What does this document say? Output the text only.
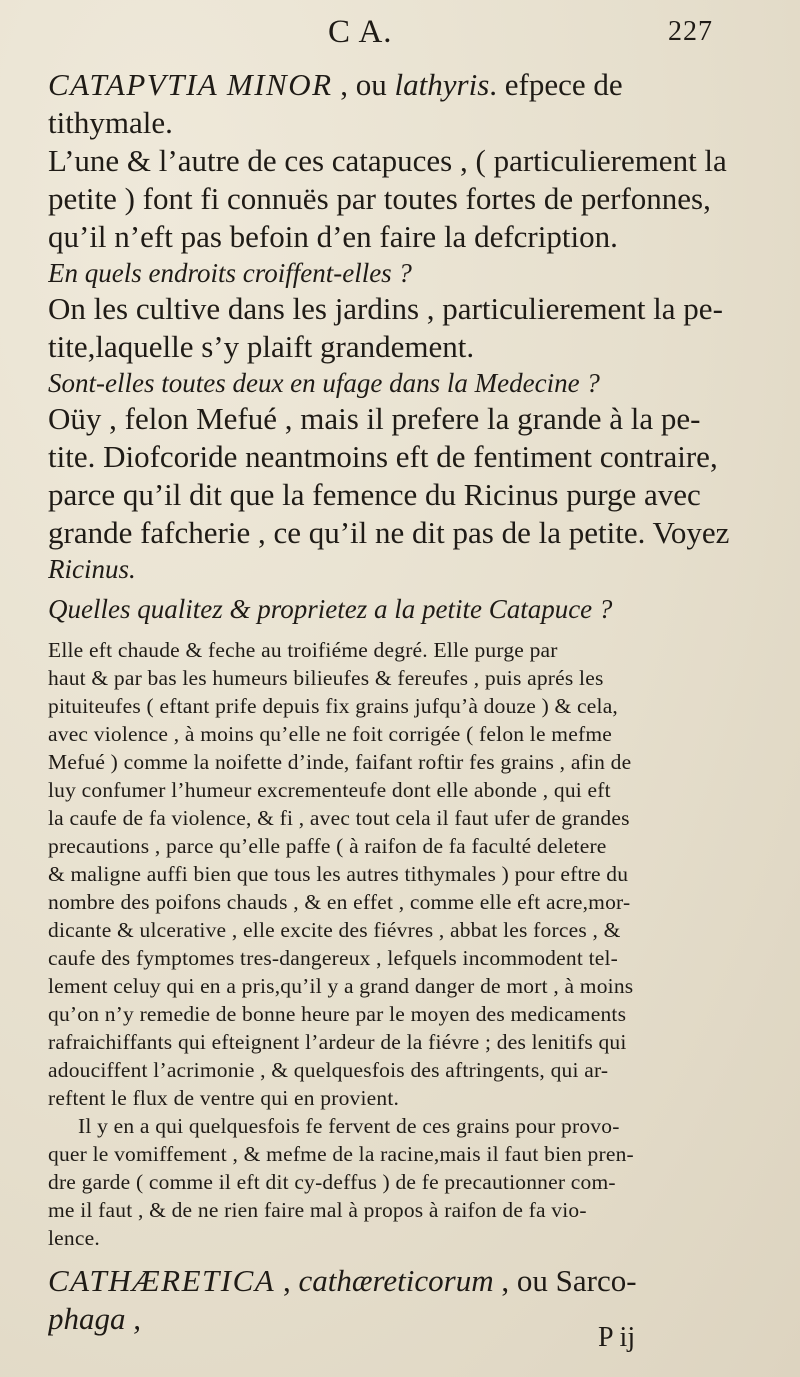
C A.	227
CATAPVTIA MINOR , ou lathyris. efpece de
tithymale.
L’une & l’autre de ces catapuces , ( particulierement la
petite ) font fi connuës par toutes fortes de perfonnes,
qu’il n’eft pas befoin d’en faire la defcription.
En quels endroits croiffent-elles ?
On les cultive dans les jardins , particulierement la pe-
tite,laquelle s’y plaift grandement.
Sont-elles toutes deux en ufage dans la Medecine ?
Oüy , felon Mefué , mais il prefere la grande à la pe-
tite. Diofcoride neantmoins eft de fentiment contraire,
parce qu’il dit que la femence du Ricinus purge avec
grande fafcherie , ce qu’il ne dit pas de la petite. Voyez
Ricinus.
Quelles qualitez & proprietez a la petite Catapuce ?
Elle eft chaude & feche au troifiéme degré. Elle purge par
haut & par bas les humeurs bilieufes & fereufes , puis aprés les
pituiteufes ( eftant prife depuis fix grains jufqu’à douze ) & cela,
avec violence , à moins qu’elle ne foit corrigée ( felon le mefme
Mefué ) comme la noifette d’inde, faifant roftir fes grains , afin de
luy confumer l’humeur excrementeufe dont elle abonde , qui eft
la caufe de fa violence, & fi , avec tout cela il faut ufer de grandes
precautions , parce qu’elle paffe ( à raifon de fa faculté deletere
& maligne auffi bien que tous les autres tithymales ) pour eftre du
nombre des poifons chauds , & en effet , comme elle eft acre,mor-
dicante & ulcerative , elle excite des fiévres , abbat les forces , &
caufe des fymptomes tres-dangereux , lefquels incommodent tel-
lement celuy qui en a pris,qu’il y a grand danger de mort , à moins
qu’on n’y remedie de bonne heure par le moyen des medicaments
rafraichiffants qui efteignent l’ardeur de la fiévre ; des lenitifs qui
adouciffent l’acrimonie , & quelquesfois des aftringents, qui ar-
reftent le flux de ventre qui en provient.
Il y en a qui quelquesfois fe fervent de ces grains pour provo-
quer le vomiffement , & mefme de la racine,mais il faut bien pren-
dre garde ( comme il eft dit cy-deffus ) de fe precautionner com-
me il faut , & de ne rien faire mal à propos à raifon de fa vio-
lence.
CATHÆRETICA , cathæreticorum , ou Sarco-
phaga ,
P ij
